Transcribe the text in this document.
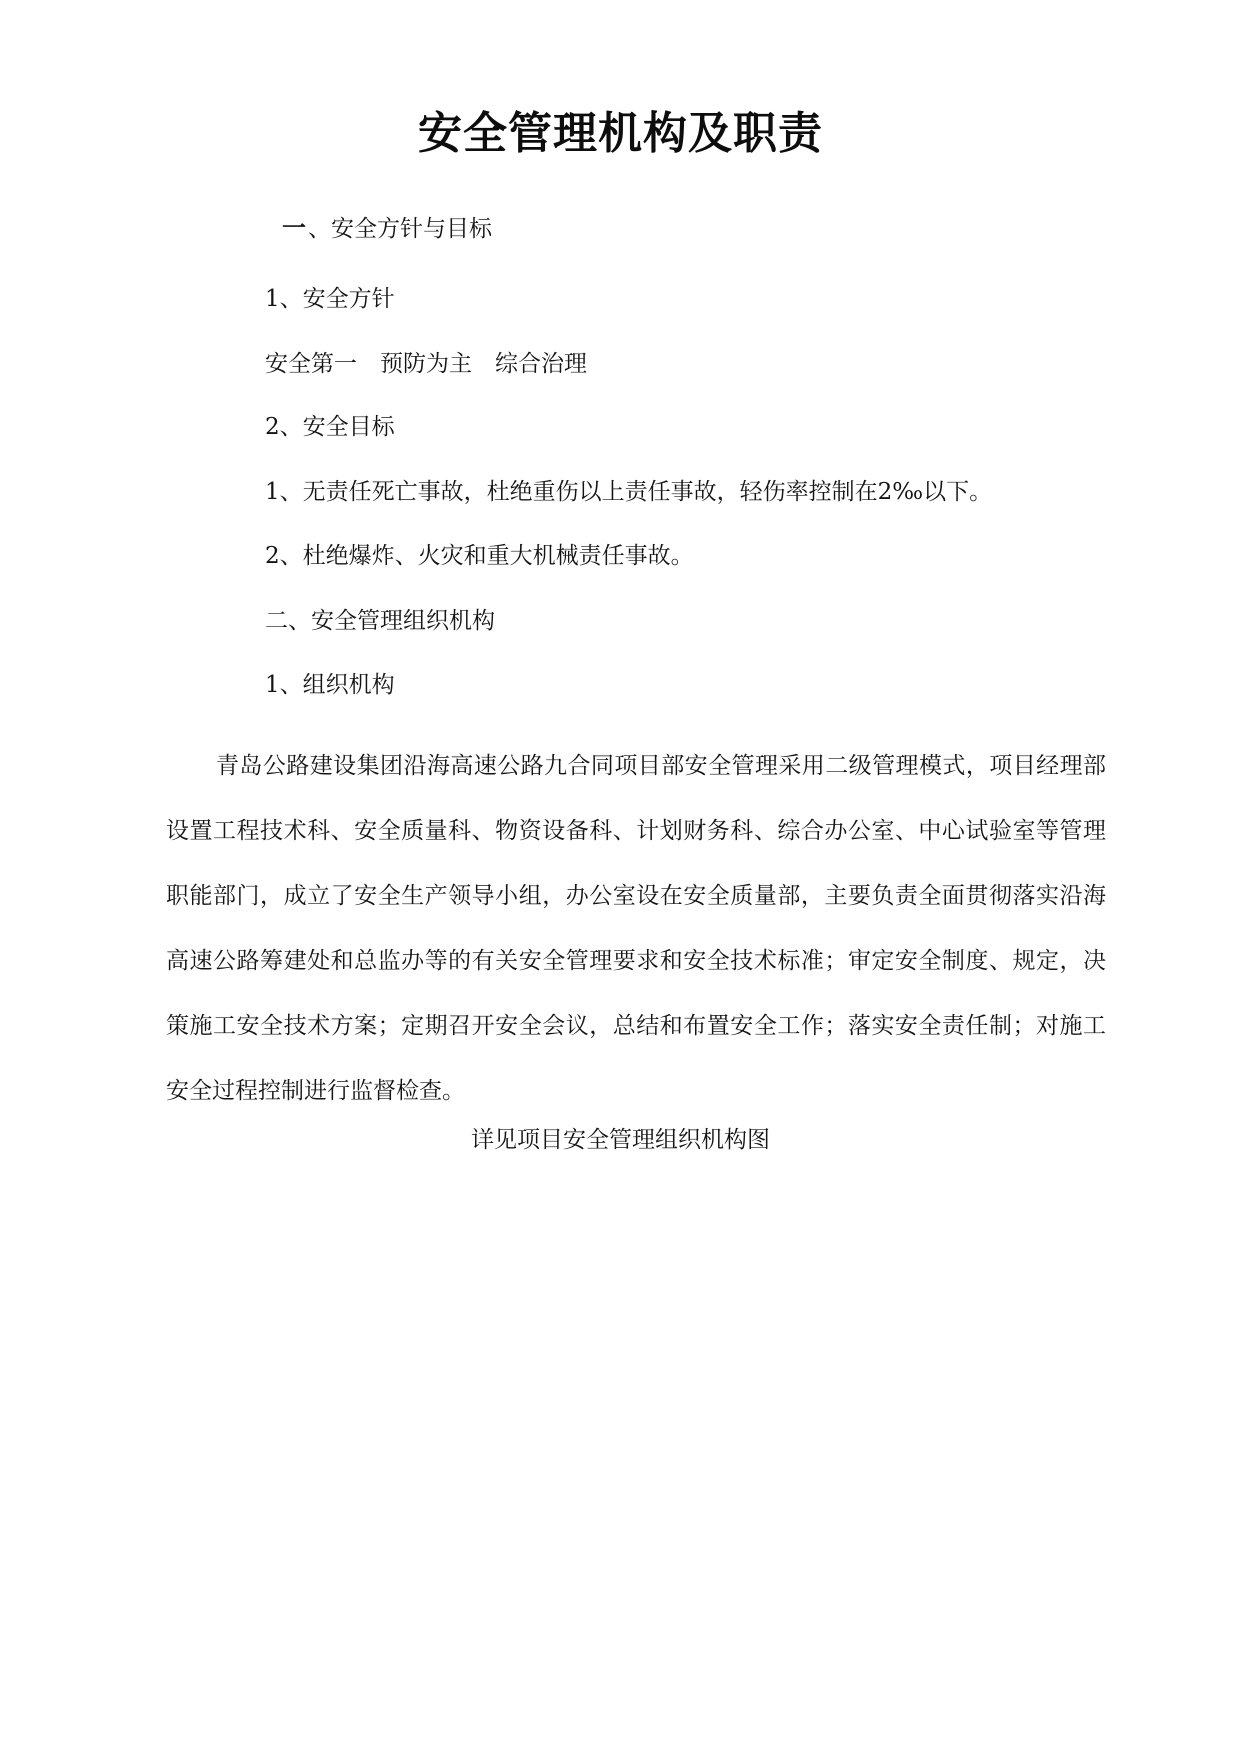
安全管理机构及职责
一、安全方针与目标
1、安全方针
安全第一　预防为主　综合治理
2、安全目标
1、无责任死亡事故，杜绝重伤以上责任事故，轻伤率控制在2‰以下。
2、杜绝爆炸、火灾和重大机械责任事故。
二、安全管理组织机构
1、组织机构
青岛公路建设集团沿海高速公路九合同项目部安全管理采用二级管理模式，项目经理部设置工程技术科、安全质量科、物资设备科、计划财务科、综合办公室、中心试验室等管理职能部门，成立了安全生产领导小组，办公室设在安全质量部，主要负责全面贯彻落实沿海高速公路筹建处和总监办等的有关安全管理要求和安全技术标准；审定安全制度、规定，决策施工安全技术方案；定期召开安全会议，总结和布置安全工作；落实安全责任制；对施工安全过程控制进行监督检查。
详见项目安全管理组织机构图
